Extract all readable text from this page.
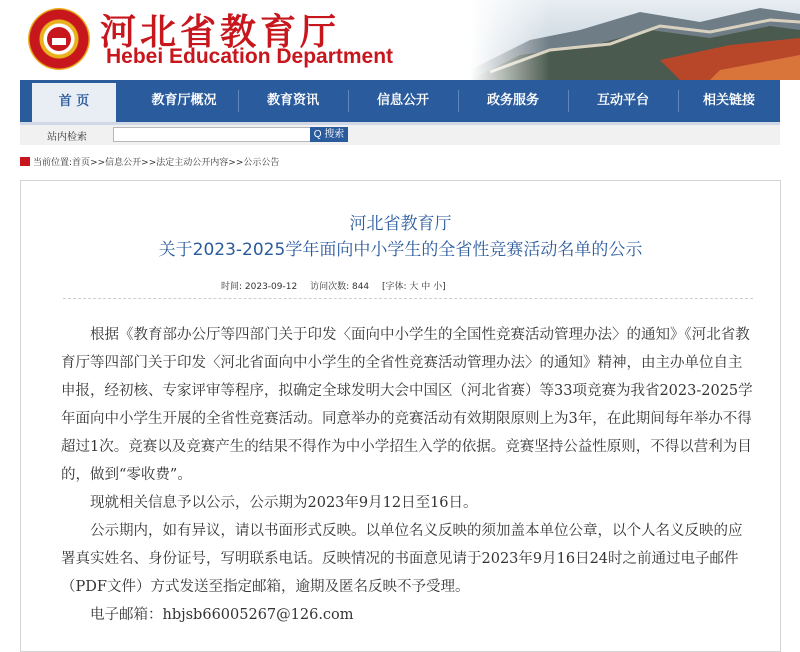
河北省教育厅
Hebei Education Department
首 页	教育厅概况	教育资讯	信息公开	政务服务	互动平台	相关链接
站内检索	Q 搜索
当前位置:首页>>信息公开>>法定主动公开内容>>公示公告
河北省教育厅
关于2023-2025学年面向中小学生的全省性竞赛活动名单的公示
时间: 2023-09-12 访问次数: 844 [字体: 大 中 小]

根据《教育部办公厅等四部门关于印发〈面向中小学生的全国性竞赛活动管理办法〉的通知》《河北省教育厅等四部门关于印发〈河北省面向中小学生的全省性竞赛活动管理办法〉的通知》精神，由主办单位自主申报，经初核、专家评审等程序，拟确定全球发明大会中国区（河北省赛）等33项竞赛为我省2023-2025学年面向中小学生开展的全省性竞赛活动。同意举办的竞赛活动有效期限原则上为3年，在此期间每年举办不得超过1次。竞赛以及竞赛产生的结果不得作为中小学招生入学的依据。竞赛坚持公益性原则，不得以营利为目的，做到“零收费”。

现就相关信息予以公示，公示期为2023年9月12日至16日。

公示期内，如有异议，请以书面形式反映。以单位名义反映的须加盖本单位公章，以个人名义反映的应署真实姓名、身份证号，写明联系电话。反映情况的书面意见请于2023年9月16日24时之前通过电子邮件（PDF文件）方式发送至指定邮箱，逾期及匿名反映不予受理。

电子邮箱：hbjsb66005267@126.com
